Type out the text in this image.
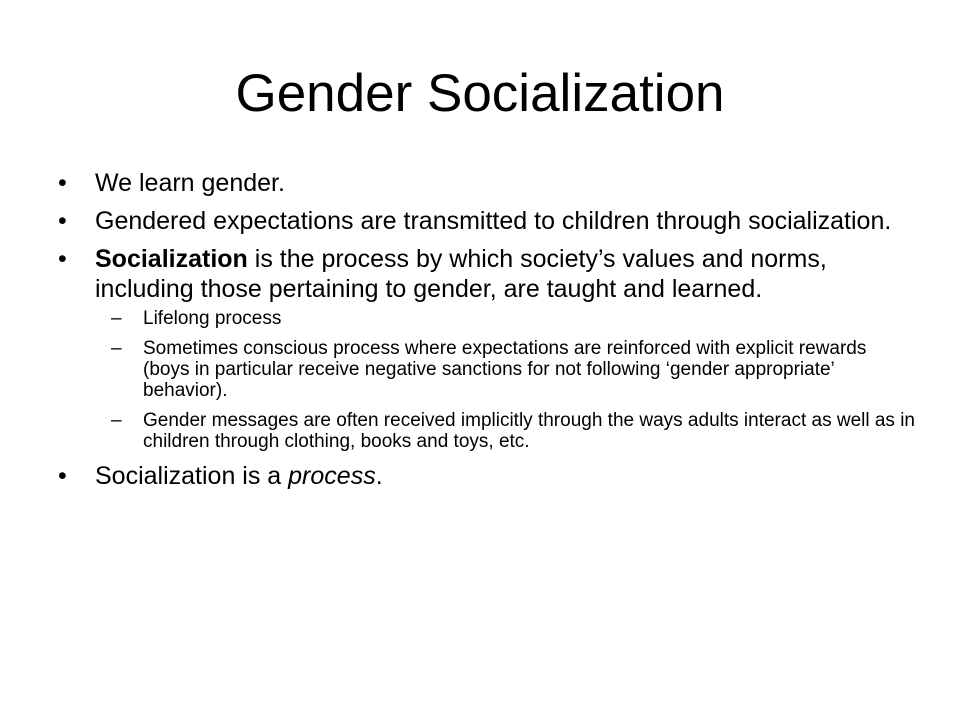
Gender Socialization
•	We learn gender.
•	Gendered expectations are transmitted to children through socialization.
•	Socialization is the process by which society’s values and norms, including those pertaining to gender, are taught and learned.
– Lifelong process
– Sometimes conscious process where expectations are reinforced with explicit rewards (boys in particular receive negative sanctions for not following ‘gender appropriate’ behavior).
– Gender messages are often received implicitly through the ways adults interact as well as in children through clothing, books and toys, etc.
•	Socialization is a process.
